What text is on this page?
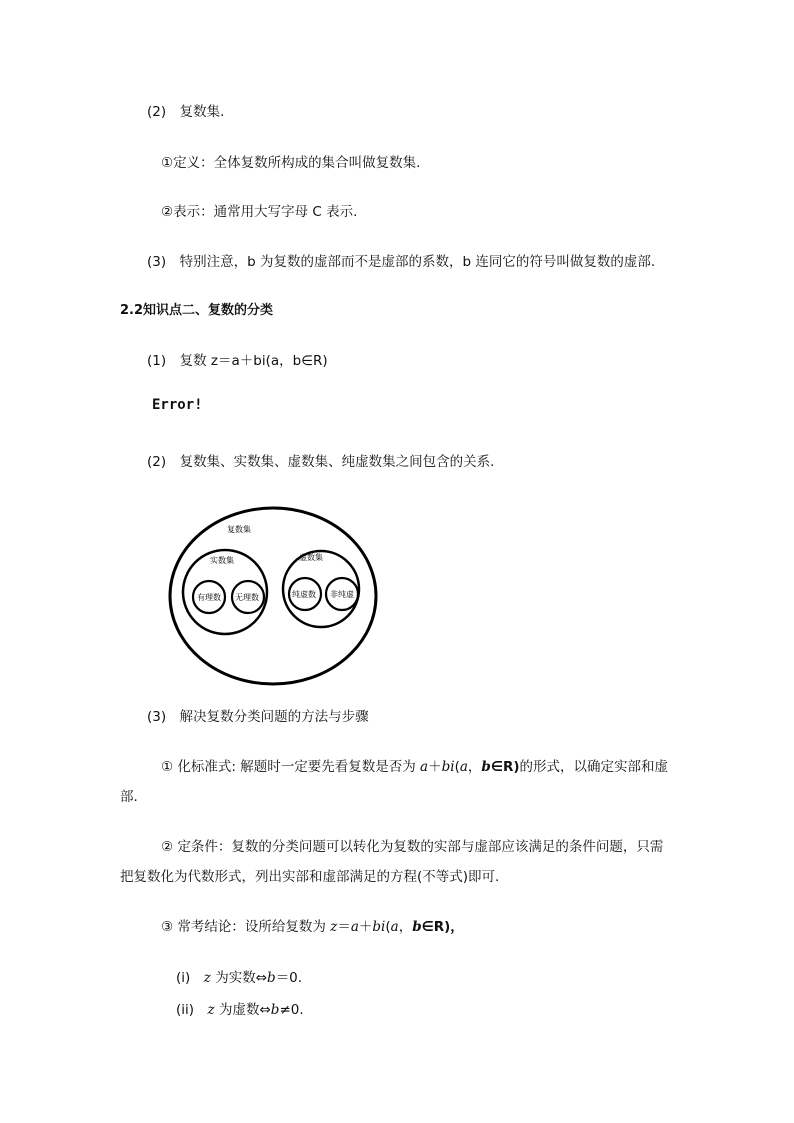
(2)　复数集.
①定义：全体复数所构成的集合叫做复数集.
②表示：通常用大写字母 C 表示.
(3)　特别注意，b 为复数的虚部而不是虚部的系数，b 连同它的符号叫做复数的虚部.
2.2知识点二、复数的分类
(1)　复数 z＝a＋bi(a，b∈R)
Error!
(2)　复数集、实数集、虚数集、纯虚数集之间包含的关系.
复数集
实数集
有理数 无理数
虚数集
纯虚数 非纯虚
(3)　解决复数分类问题的方法与步骤
① 化标准式: 解题时一定要先看复数是否为 a＋bi(a，b∈R)的形式，以确定实部和虚部.
② 定条件：复数的分类问题可以转化为复数的实部与虚部应该满足的条件问题，只需把复数化为代数形式，列出实部和虚部满足的方程(不等式)即可.
③ 常考结论：设所给复数为 z＝a＋bi(a，b∈R)，
(i)　z 为实数⇔b＝0.
(ii)　z 为虚数⇔b≠0.
